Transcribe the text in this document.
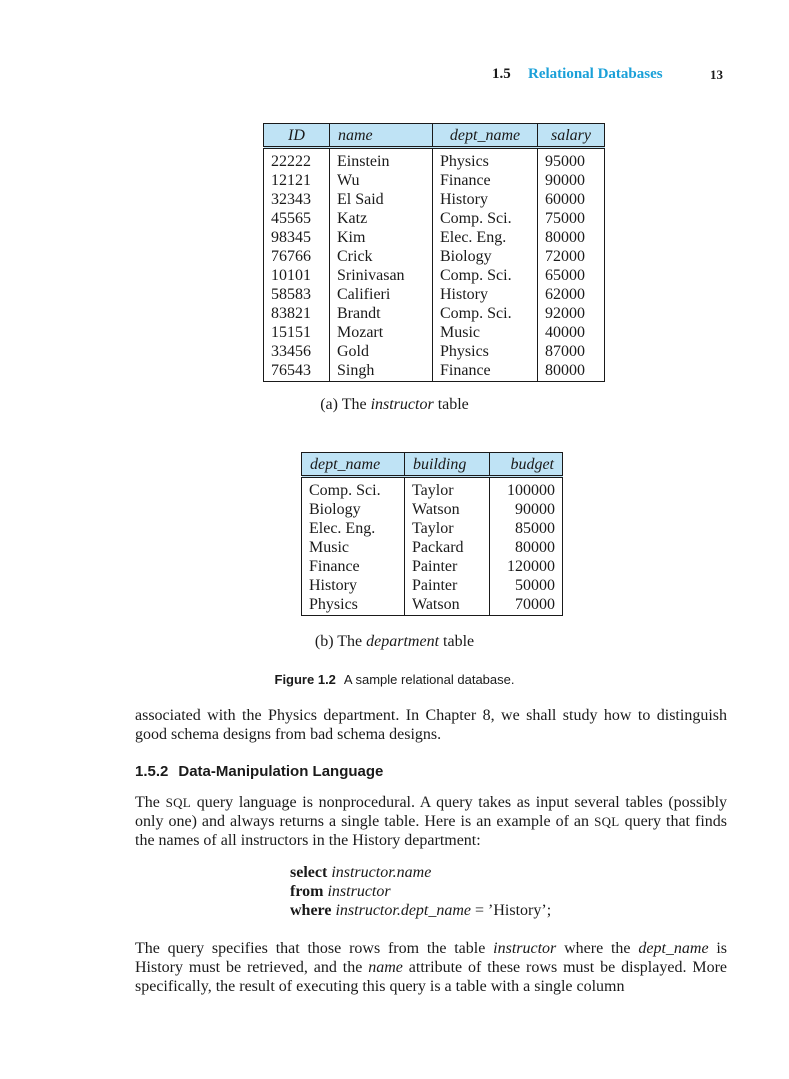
1.5 Relational Databases	13
ID	name	dept_name	salary
22222	Einstein	Physics	95000
12121	Wu	Finance	90000
32343	El Said	History	60000
45565	Katz	Comp. Sci.	75000
98345	Kim	Elec. Eng.	80000
76766	Crick	Biology	72000
10101	Srinivasan	Comp. Sci.	65000
58583	Califieri	History	62000
83821	Brandt	Comp. Sci.	92000
15151	Mozart	Music	40000
33456	Gold	Physics	87000
76543	Singh	Finance	80000
(a) The instructor table
dept_name	building	budget
Comp. Sci.	Taylor	100000
Biology	Watson	90000
Elec. Eng.	Taylor	85000
Music	Packard	80000
Finance	Painter	120000
History	Painter	50000
Physics	Watson	70000
(b) The department table
Figure 1.2 A sample relational database.

associated with the Physics department. In Chapter 8, we shall study how to distinguish good schema designs from bad schema designs.

1.5.2 Data-Manipulation Language

The SQL query language is nonprocedural. A query takes as input several tables (possibly only one) and always returns a single table. Here is an example of an SQL query that finds the names of all instructors in the History department:

select instructor.name
from instructor
where instructor.dept_name = ’History’;

The query specifies that those rows from the table instructor where the dept_name is History must be retrieved, and the name attribute of these rows must be displayed. More specifically, the result of executing this query is a table with a single column
